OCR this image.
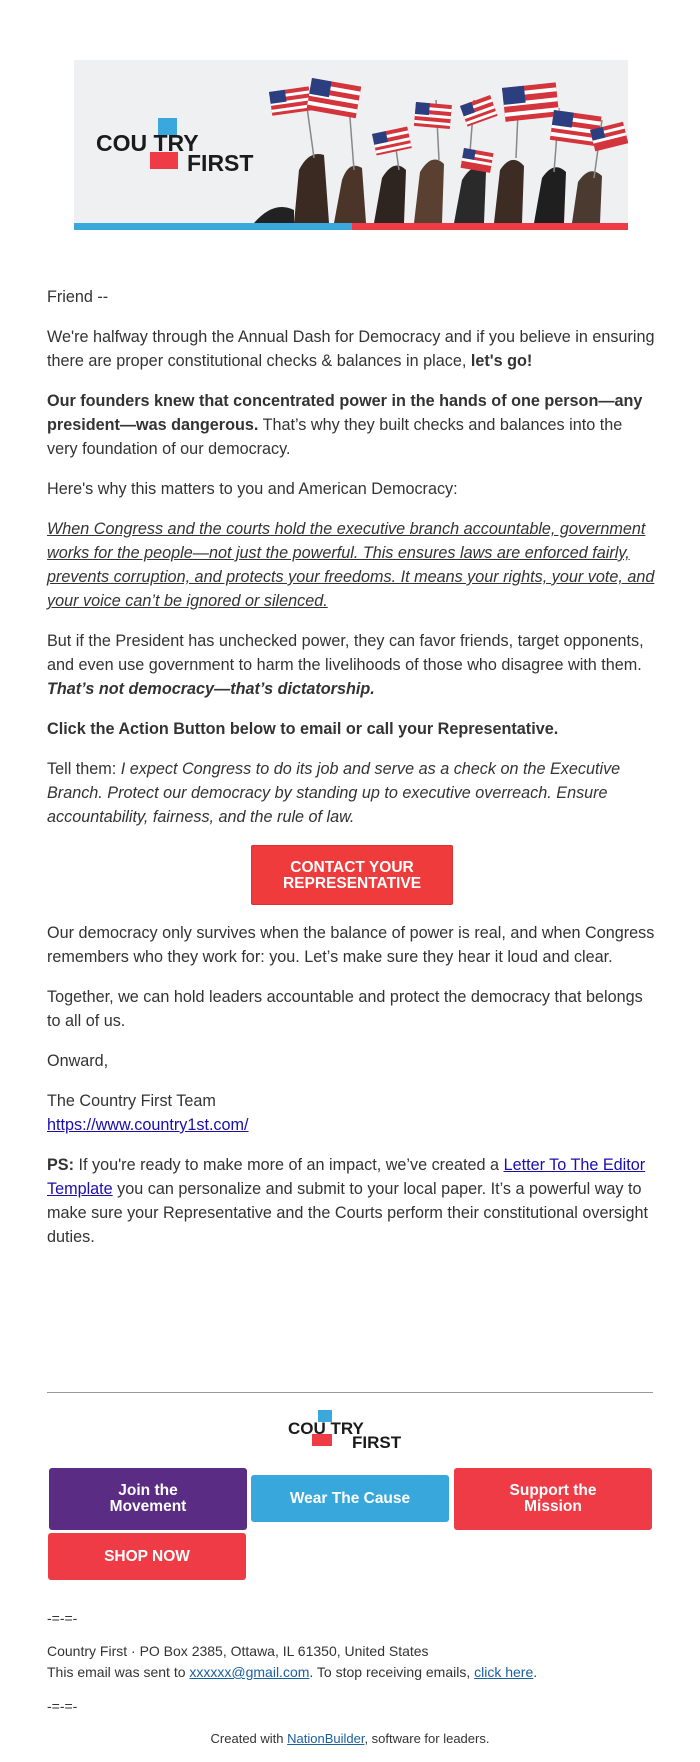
COU TRY
FIRST

Friend --

We're halfway through the Annual Dash for Democracy and if you believe in ensuring there are proper constitutional checks & balances in place, let's go!

Our founders knew that concentrated power in the hands of one person—any president—was dangerous. That’s why they built checks and balances into the very foundation of our democracy.

Here's why this matters to you and American Democracy:

When Congress and the courts hold the executive branch accountable, government works for the people—not just the powerful. This ensures laws are enforced fairly, prevents corruption, and protects your freedoms. It means your rights, your vote, and your voice can’t be ignored or silenced.

But if the President has unchecked power, they can favor friends, target opponents, and even use government to harm the livelihoods of those who disagree with them. That’s not democracy—that’s dictatorship.

Click the Action Button below to email or call your Representative.

Tell them: I expect Congress to do its job and serve as a check on the Executive Branch. Protect our democracy by standing up to executive overreach. Ensure accountability, fairness, and the rule of law.

CONTACT YOUR
REPRESENTATIVE

Our democracy only survives when the balance of power is real, and when Congress remembers who they work for: you. Let’s make sure they hear it loud and clear.

Together, we can hold leaders accountable and protect the democracy that belongs to all of us.

Onward,

The Country First Team

https://www.country1st.com/

PS: If you're ready to make more of an impact, we’ve created a Letter To The Editor Template you can personalize and submit to your local paper. It’s a powerful way to make sure your Representative and the Courts perform their constitutional oversight duties.

COU TRY
FIRST
Join the
Movement	Wear The Cause	Support the
Mission
SHOP NOW
-=-=-
Country First · PO Box 2385, Ottawa, IL 61350, United States
This email was sent to xxxxxx@gmail.com. To stop receiving emails, click here.
-=-=-
Created with NationBuilder, software for leaders.
